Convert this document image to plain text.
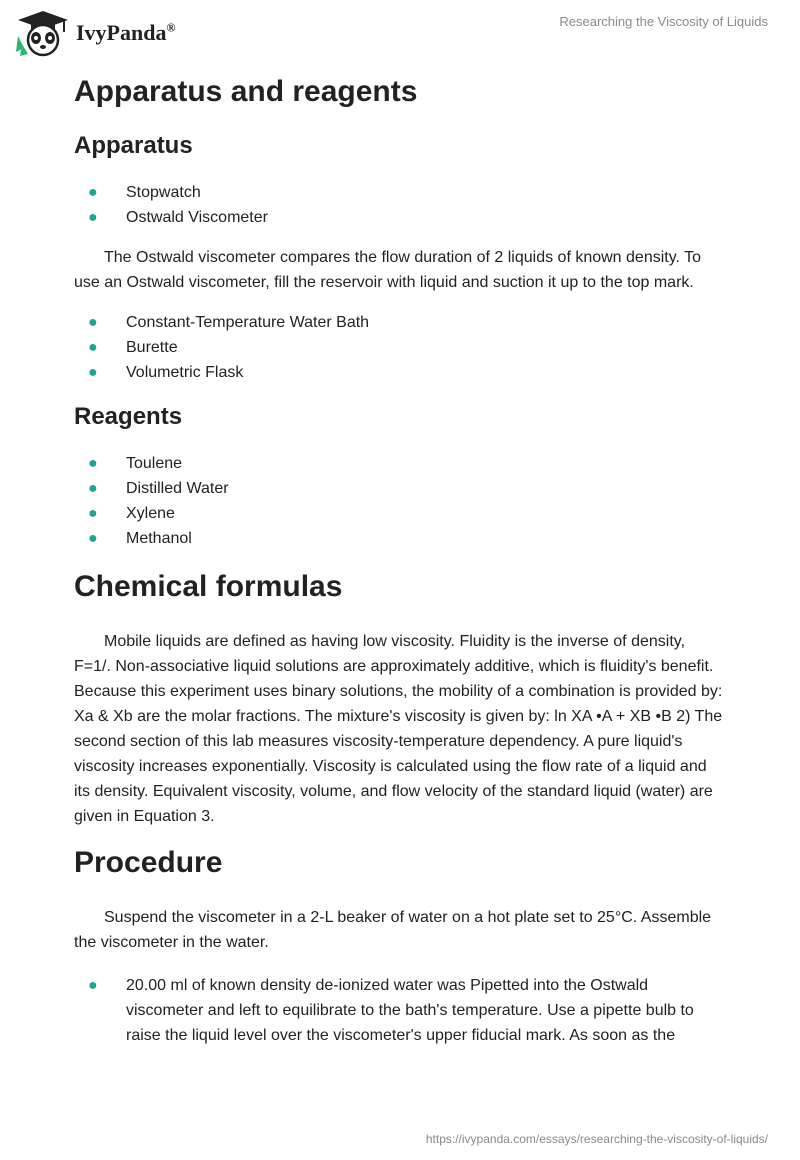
IvyPanda®	Researching the Viscosity of Liquids
Apparatus and reagents
Apparatus
● Stopwatch
● Ostwald Viscometer

The Ostwald viscometer compares the flow duration of 2 liquids of known density. To use an Ostwald viscometer, fill the reservoir with liquid and suction it up to the top mark.

● Constant-Temperature Water Bath
● Burette
● Volumetric Flask
Reagents
● Toulene
● Distilled Water
● Xylene
● Methanol
Chemical formulas

Mobile liquids are defined as having low viscosity. Fluidity is the inverse of density, F=1/. Non-associative liquid solutions are approximately additive, which is fluidity's benefit. Because this experiment uses binary solutions, the mobility of a combination is provided by: Xa & Xb are the molar fractions. The mixture's viscosity is given by: ln XA •A + XB •B 2) The second section of this lab measures viscosity-temperature dependency. A pure liquid's viscosity increases exponentially. Viscosity is calculated using the flow rate of a liquid and its density. Equivalent viscosity, volume, and flow velocity of the standard liquid (water) are given in Equation 3.

Procedure

Suspend the viscometer in a 2-L beaker of water on a hot plate set to 25°C. Assemble the viscometer in the water.

● 20.00 ml of known density de-ionized water was Pipetted into the Ostwald viscometer and left to equilibrate to the bath's temperature. Use a pipette bulb to raise the liquid level over the viscometer's upper fiducial mark. As soon as the
https://ivypanda.com/essays/researching-the-viscosity-of-liquids/
